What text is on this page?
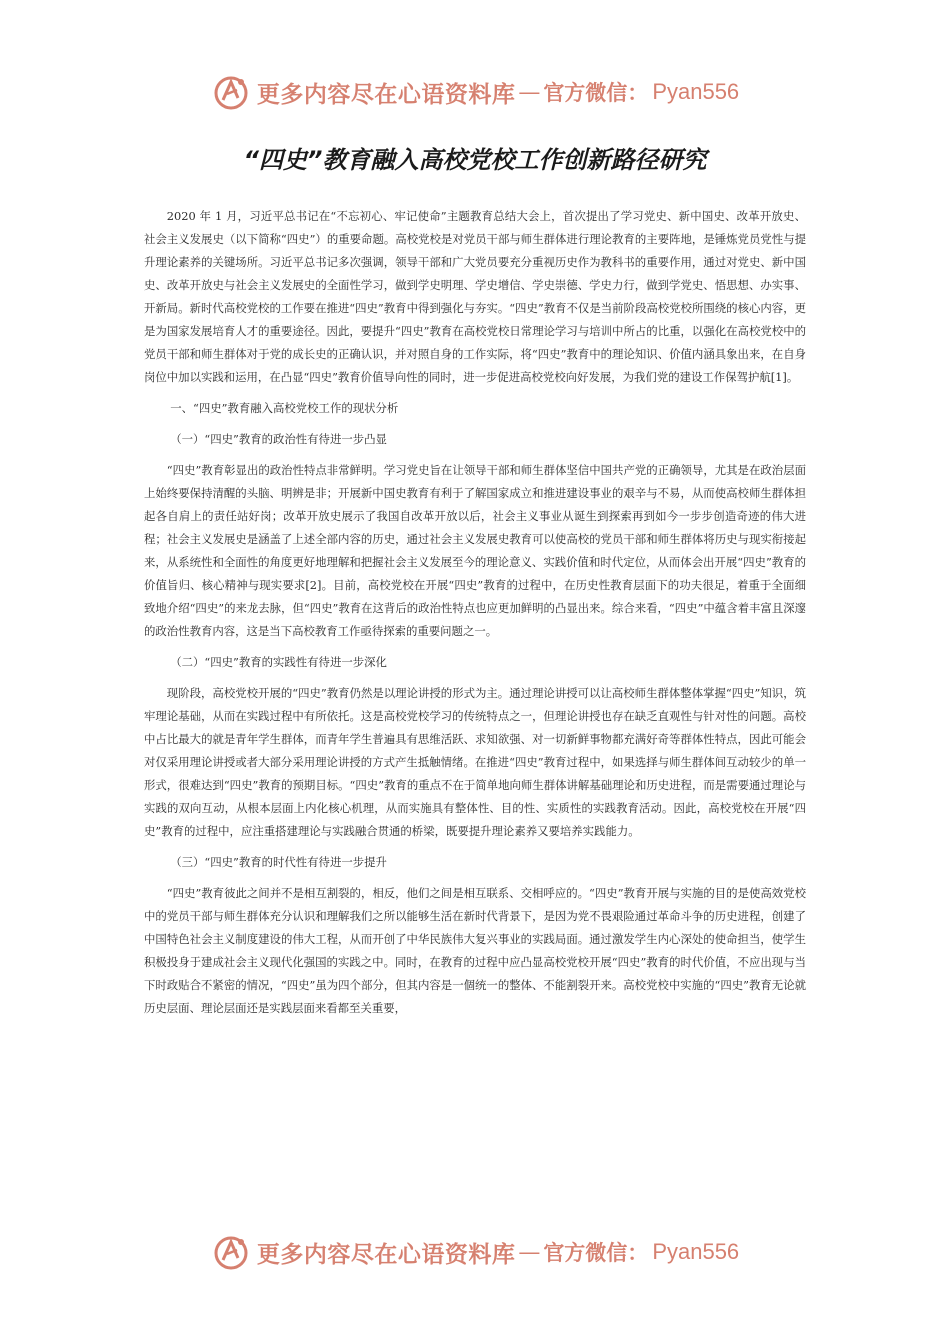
更多内容尽在心语资料库 — 官方微信： Pyan556
“四史”教育融入高校党校工作创新路径研究

2020 年 1 月，习近平总书记在“不忘初心、牢记使命”主题教育总结大会上，首次提出了学习党史、新中国史、改革开放史、社会主义发展史（以下简称“四史”）的重要命题。高校党校是对党员干部与师生群体进行理论教育的主要阵地，是锤炼党员党性与提升理论素养的关键场所。习近平总书记多次强调，领导干部和广大党员要充分重视历史作为教科书的重要作用，通过对党史、新中国史、改革开放史与社会主义发展史的全面性学习，做到学史明理、学史增信、学史崇德、学史力行，做到学党史、悟思想、办实事、开新局。新时代高校党校的工作要在推进“四史”教育中得到强化与夯实。“四史”教育不仅是当前阶段高校党校所围绕的核心内容，更是为国家发展培育人才的重要途径。因此，要提升“四史”教育在高校党校日常理论学习与培训中所占的比重，以强化在高校党校中的党员干部和师生群体对于党的成长史的正确认识，并对照自身的工作实际，将“四史”教育中的理论知识、价值内涵具象出来，在自身岗位中加以实践和运用，在凸显“四史”教育价值导向性的同时，进一步促进高校党校向好发展，为我们党的建设工作保驾护航[1]。

一、“四史”教育融入高校党校工作的现状分析

（一）“四史”教育的政治性有待进一步凸显

“四史”教育彰显出的政治性特点非常鲜明。学习党史旨在让领导干部和师生群体坚信中国共产党的正确领导，尤其是在政治层面上始终要保持清醒的头脑、明辨是非；开展新中国史教育有利于了解国家成立和推进建设事业的艰辛与不易，从而使高校师生群体担起各自肩上的责任站好岗；改革开放史展示了我国自改革开放以后，社会主义事业从诞生到探索再到如今一步步创造奇迹的伟大进程；社会主义发展史是涵盖了上述全部内容的历史，通过社会主义发展史教育可以使高校的党员干部和师生群体将历史与现实衔接起来，从系统性和全面性的角度更好地理解和把握社会主义发展至今的理论意义、实践价值和时代定位，从而体会出开展“四史”教育的价值旨归、核心精神与现实要求[2]。目前，高校党校在开展“四史”教育的过程中，在历史性教育层面下的功夫很足，着重于全面细致地介绍“四史”的来龙去脉，但“四史”教育在这背后的政治性特点也应更加鲜明的凸显出来。综合来看，“四史”中蕴含着丰富且深邃的政治性教育内容，这是当下高校教育工作亟待探索的重要问题之一。

（二）“四史”教育的实践性有待进一步深化

现阶段，高校党校开展的“四史”教育仍然是以理论讲授的形式为主。通过理论讲授可以让高校师生群体整体掌握“四史”知识，筑牢理论基础，从而在实践过程中有所依托。这是高校党校学习的传统特点之一，但理论讲授也存在缺乏直观性与针对性的问题。高校中占比最大的就是青年学生群体，而青年学生普遍具有思维活跃、求知欲强、对一切新鲜事物都充满好奇等群体性特点，因此可能会对仅采用理论讲授或者大部分采用理论讲授的方式产生抵触情绪。在推进“四史”教育过程中，如果选择与师生群体间互动较少的单一形式，很难达到“四史”教育的预期目标。“四史”教育的重点不在于简单地向师生群体讲解基础理论和历史进程，而是需要通过理论与实践的双向互动，从根本层面上内化核心机理，从而实施具有整体性、目的性、实质性的实践教育活动。因此，高校党校在开展“四史”教育的过程中，应注重搭建理论与实践融合贯通的桥梁，既要提升理论素养又要培养实践能力。

（三）“四史”教育的时代性有待进一步提升

“四史”教育彼此之间并不是相互割裂的，相反，他们之间是相互联系、交相呼应的。“四史”教育开展与实施的目的是使高效党校中的党员干部与师生群体充分认识和理解我们之所以能够生活在新时代背景下，是因为党不畏艰险通过革命斗争的历史进程，创建了中国特色社会主义制度建设的伟大工程，从而开创了中华民族伟大复兴事业的实践局面。通过激发学生内心深处的使命担当，使学生积极投身于建成社会主义现代化强国的实践之中。同时，在教育的过程中应凸显高校党校开展“四史”教育的时代价值，不应出现与当下时政贴合不紧密的情况，“四史”虽为四个部分，但其内容是一個统一的整体、不能割裂开来。高校党校中实施的“四史”教育无论就历史层面、理论层面还是实践层面来看都至关重要，

更多内容尽在心语资料库 — 官方微信： Pyan556
